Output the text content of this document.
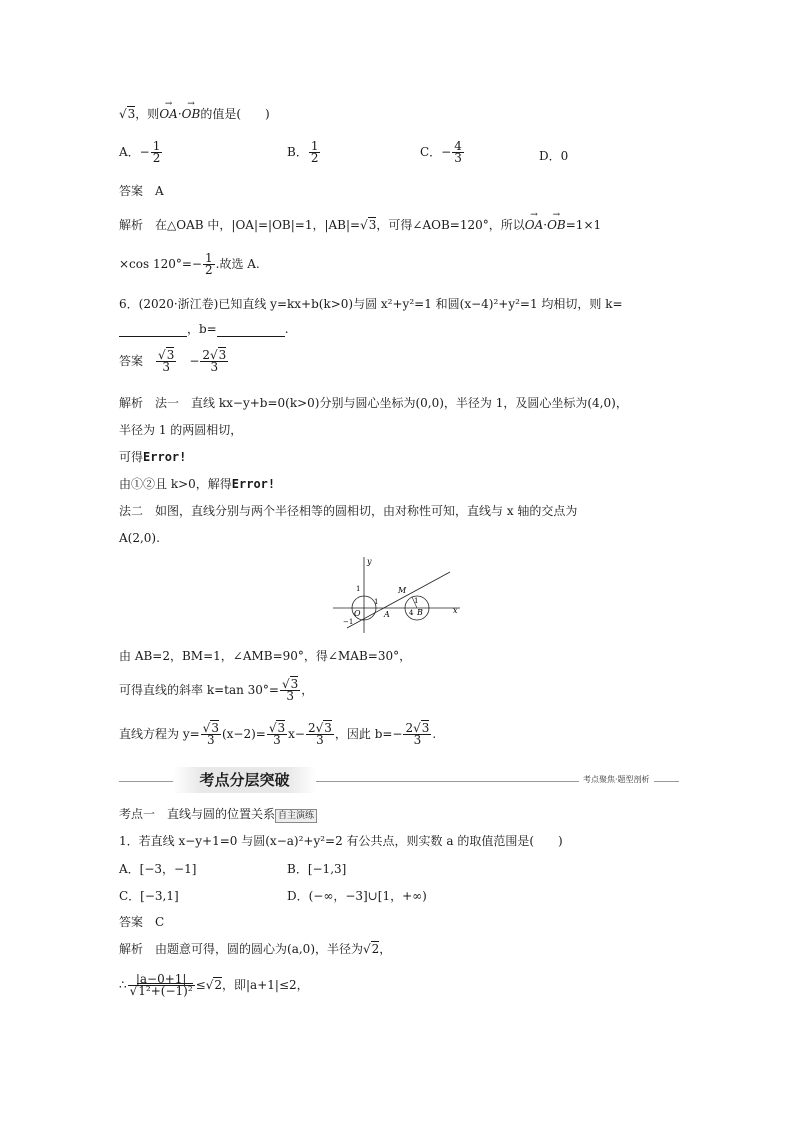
√3，则→ OA·→ OB的值是(　　)
A．− $\frac{1}{2}$	B． $\frac{1}{2}$	C．− $\frac{4}{3}$	D．0
答案　 A
解析　 在△OAB 中，|OA|=|OB|=1，|AB|=√3，可得∠AOB=120°，所以→ OA·→ OB=1×1
×cos $120^\circ=- \frac{1}{2}$ .故选 A.
6．(2020·浙江卷)已知直线 y=kx+b(k>0)与圆 x²+y²=1 和圆(x−4)²+y²=1 均相切，则 k=
，b=	.
答案　 $\frac{√3}{3}$ 　− $\frac{2√3}{3}$
解析　 法一　直线 kx−y+b=0(k>0)分别与圆心坐标为(0,0)，半径为 1，及圆心坐标为(4,0)，
半径为 1 的两圆相切，
可得Error!
由①②且 k>0，解得Error!
法二　如图，直线分别与两个半径相等的圆相切，由对称性可知，直线与 x 轴的交点为
A(2,0).
y
x
O
1
1
−1
A
M
1
4 B
由 AB=2，BM=1，∠AMB=90°，得∠MAB=30°，
可得直线的斜率 k=tan $30^\circ= \frac{√3}{3}$ ，
直线方程为 $y= \frac{√3}{3} (x-2)= \frac{√3}{3} x- \frac{2√3}{3}$ ，因此 $b=- \frac{2√3}{3}$ .
考点分层突破	考点聚焦·题型剖析
考点一　直线与圆的位置关系 自主演练
1．若直线 x−y+1=0 与圆(x−a)²+y²=2 有公共点，则实数 a 的取值范围是(　　)
A．[−3，−1]	B．[−1,3]
C．[−3,1]	D．(−∞，−3]∪[1，+∞)
答案　 C
解析　 由题意可得，圆的圆心为(a,0)，半径为√2，
∴ $\frac{|a-0+1|}{\text{√1²+(−1)²}} \le√2$，即|a+1|≤2，
